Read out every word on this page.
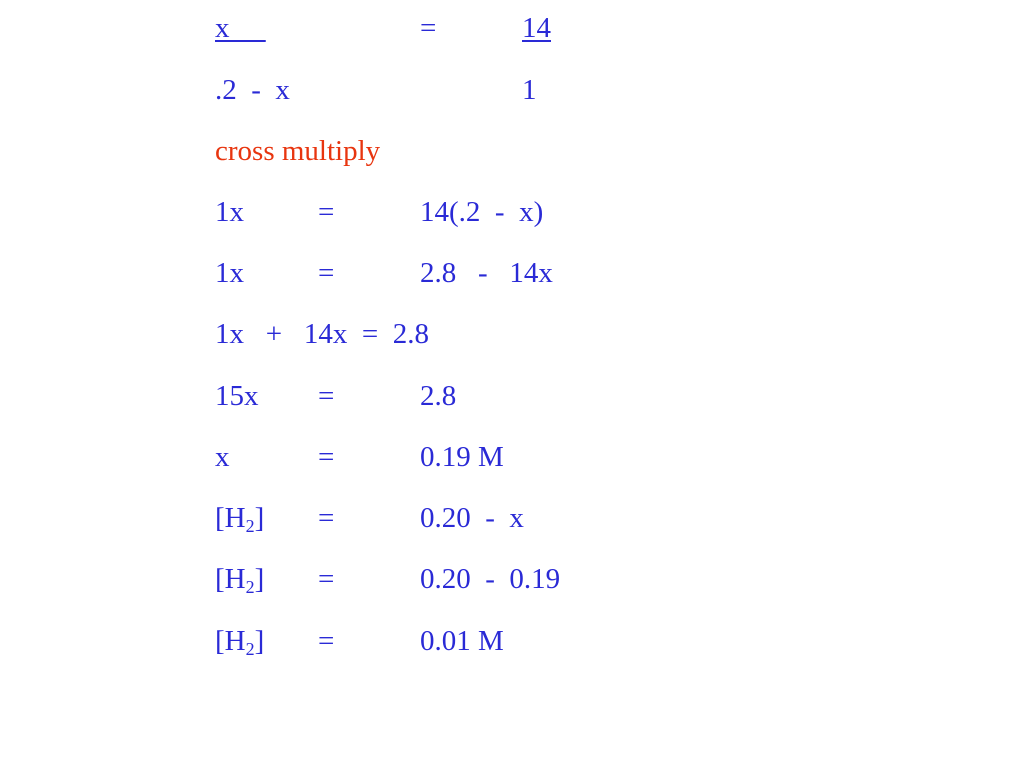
x	=	14
.2  -  x	1
cross multiply
1x	=	14(.2  -  x)
1x	=	2.8   -   14x
1x   +   14x  =  2.8
15x =	2.8
x	=	0.19 M
$[H_2]$ =	0.20  -  x
$[H_2]$ =	0.20  -  0.19
$[H_2]$ =	0.01 M
